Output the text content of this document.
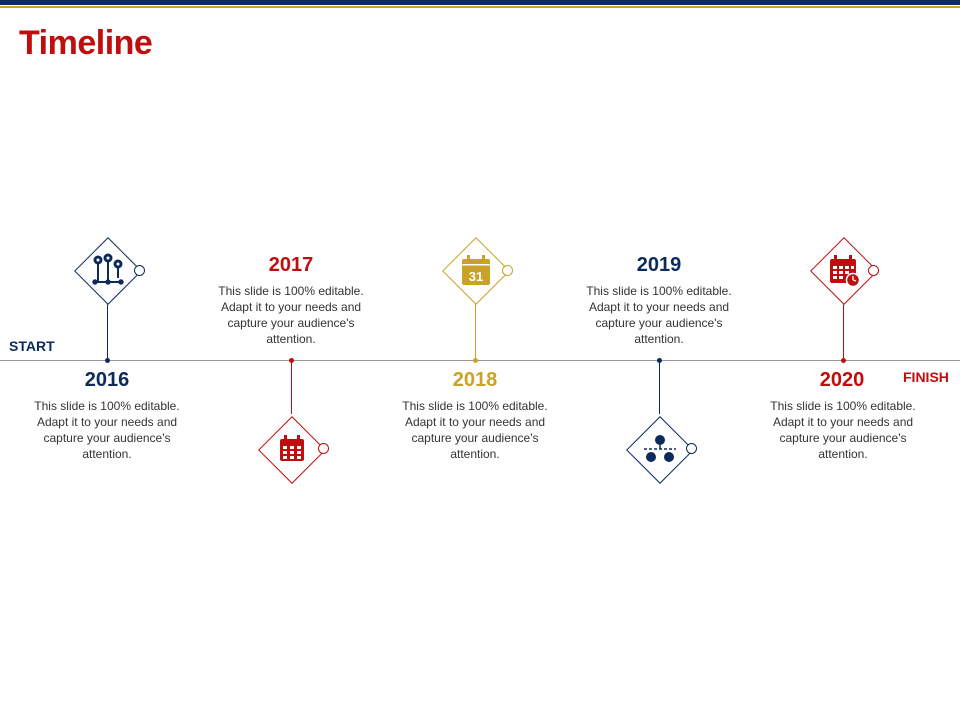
Timeline
START
FINISH
2016
This slide is 100% editable. Adapt it to your needs and capture your audience's attention.
2017
This slide is 100% editable. Adapt it to your needs and capture your audience's attention.
31
2018
This slide is 100% editable. Adapt it to your needs and capture your audience's attention.
2019
This slide is 100% editable. Adapt it to your needs and capture your audience's attention.
2020
This slide is 100% editable. Adapt it to your needs and capture your audience's attention.
